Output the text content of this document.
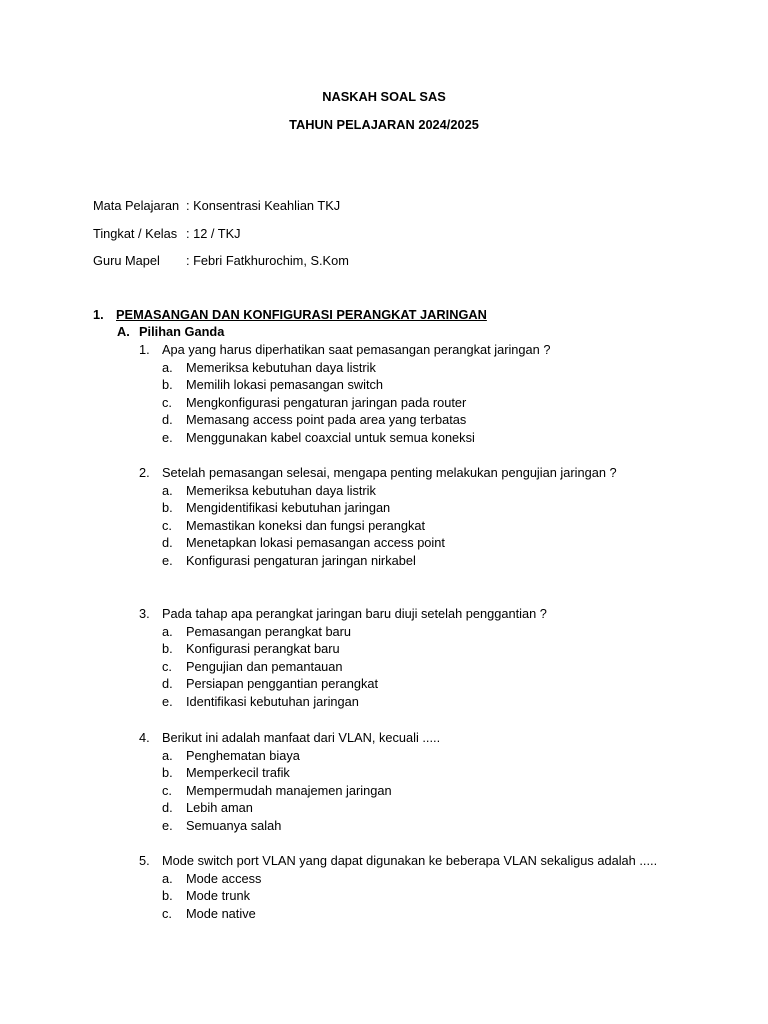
NASKAH SOAL SAS
TAHUN PELAJARAN 2024/2025
Mata Pelajaran : Konsentrasi Keahlian TKJ
Tingkat / Kelas : 12 / TKJ
Guru Mapel : Febri Fatkhurochim, S.Kom
1. PEMASANGAN DAN KONFIGURASI PERANGKAT JARINGAN
A. Pilihan Ganda
1. Apa yang harus diperhatikan saat pemasangan perangkat jaringan ?
a. Memeriksa kebutuhan daya listrik
b. Memilih lokasi pemasangan switch
c. Mengkonfigurasi pengaturan jaringan pada router
d. Memasang access point pada area yang terbatas
e. Menggunakan kabel coaxcial untuk semua koneksi
2. Setelah pemasangan selesai, mengapa penting melakukan pengujian jaringan ?
a. Memeriksa kebutuhan daya listrik
b. Mengidentifikasi kebutuhan jaringan
c. Memastikan koneksi dan fungsi perangkat
d. Menetapkan lokasi pemasangan access point
e. Konfigurasi pengaturan jaringan nirkabel
3. Pada tahap apa perangkat jaringan baru diuji setelah penggantian ?
a. Pemasangan perangkat baru
b. Konfigurasi perangkat baru
c. Pengujian dan pemantauan
d. Persiapan penggantian perangkat
e. Identifikasi kebutuhan jaringan
4. Berikut ini adalah manfaat dari VLAN, kecuali .....
a. Penghematan biaya
b. Memperkecil trafik
c. Mempermudah manajemen jaringan
d. Lebih aman
e. Semuanya salah
5. Mode switch port VLAN yang dapat digunakan ke beberapa VLAN sekaligus adalah .....
a. Mode access
b. Mode trunk
c. Mode native
